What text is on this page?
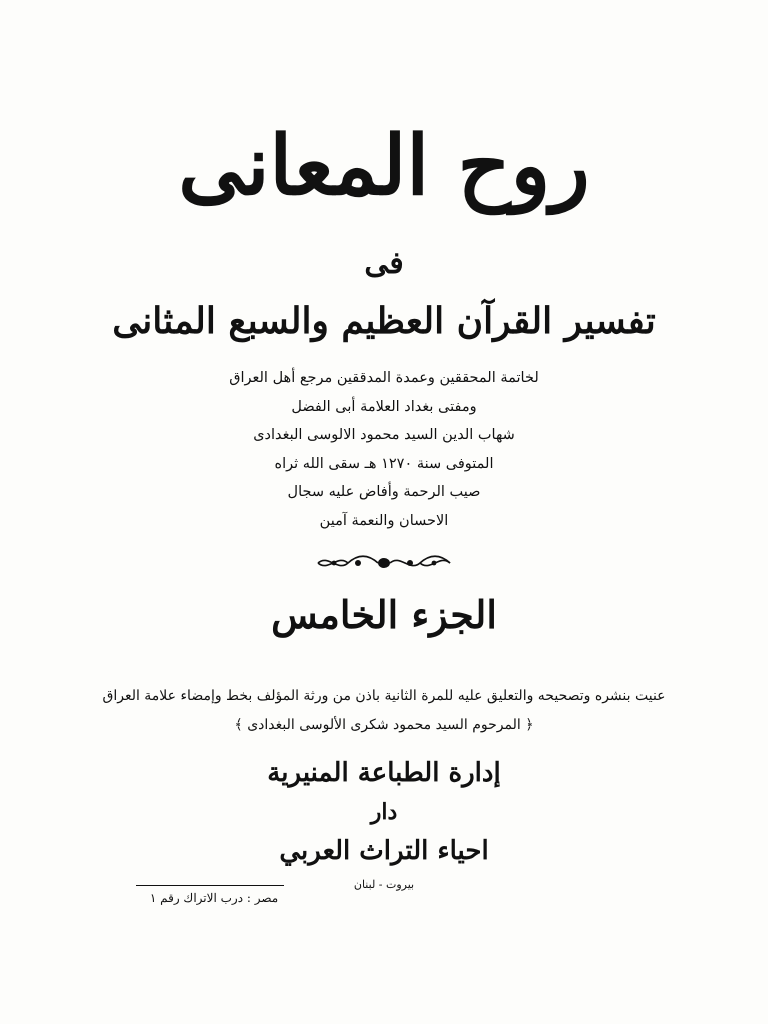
روح المعانى
فى
تفسير القرآن العظيم والسبع المثانى
لخاتمة المحققين وعمدة المدققين مرجع أهل العراق
ومفتى بغداد العلامة أبى الفضل
شهاب الدين السيد محمود الالوسى البغدادى
المتوفى سنة ١٢٧٠ هـ سقى الله ثراه
صيب الرحمة وأفاض عليه سجال
الاحسان والنعمة آمين
الجزء الخامس
عنيت بنشره وتصحيحه والتعليق عليه للمرة الثانية باذن من ورثة المؤلف بخط وإمضاء علامة العراق
﴿ المرحوم السيد محمود شكرى الألوسى البغدادى ﴾
إدارة الطباعة المنيرية
دار
احياء التراث العربي
بيروت - لبنان
مصر : درب الاتراك رقم ١
